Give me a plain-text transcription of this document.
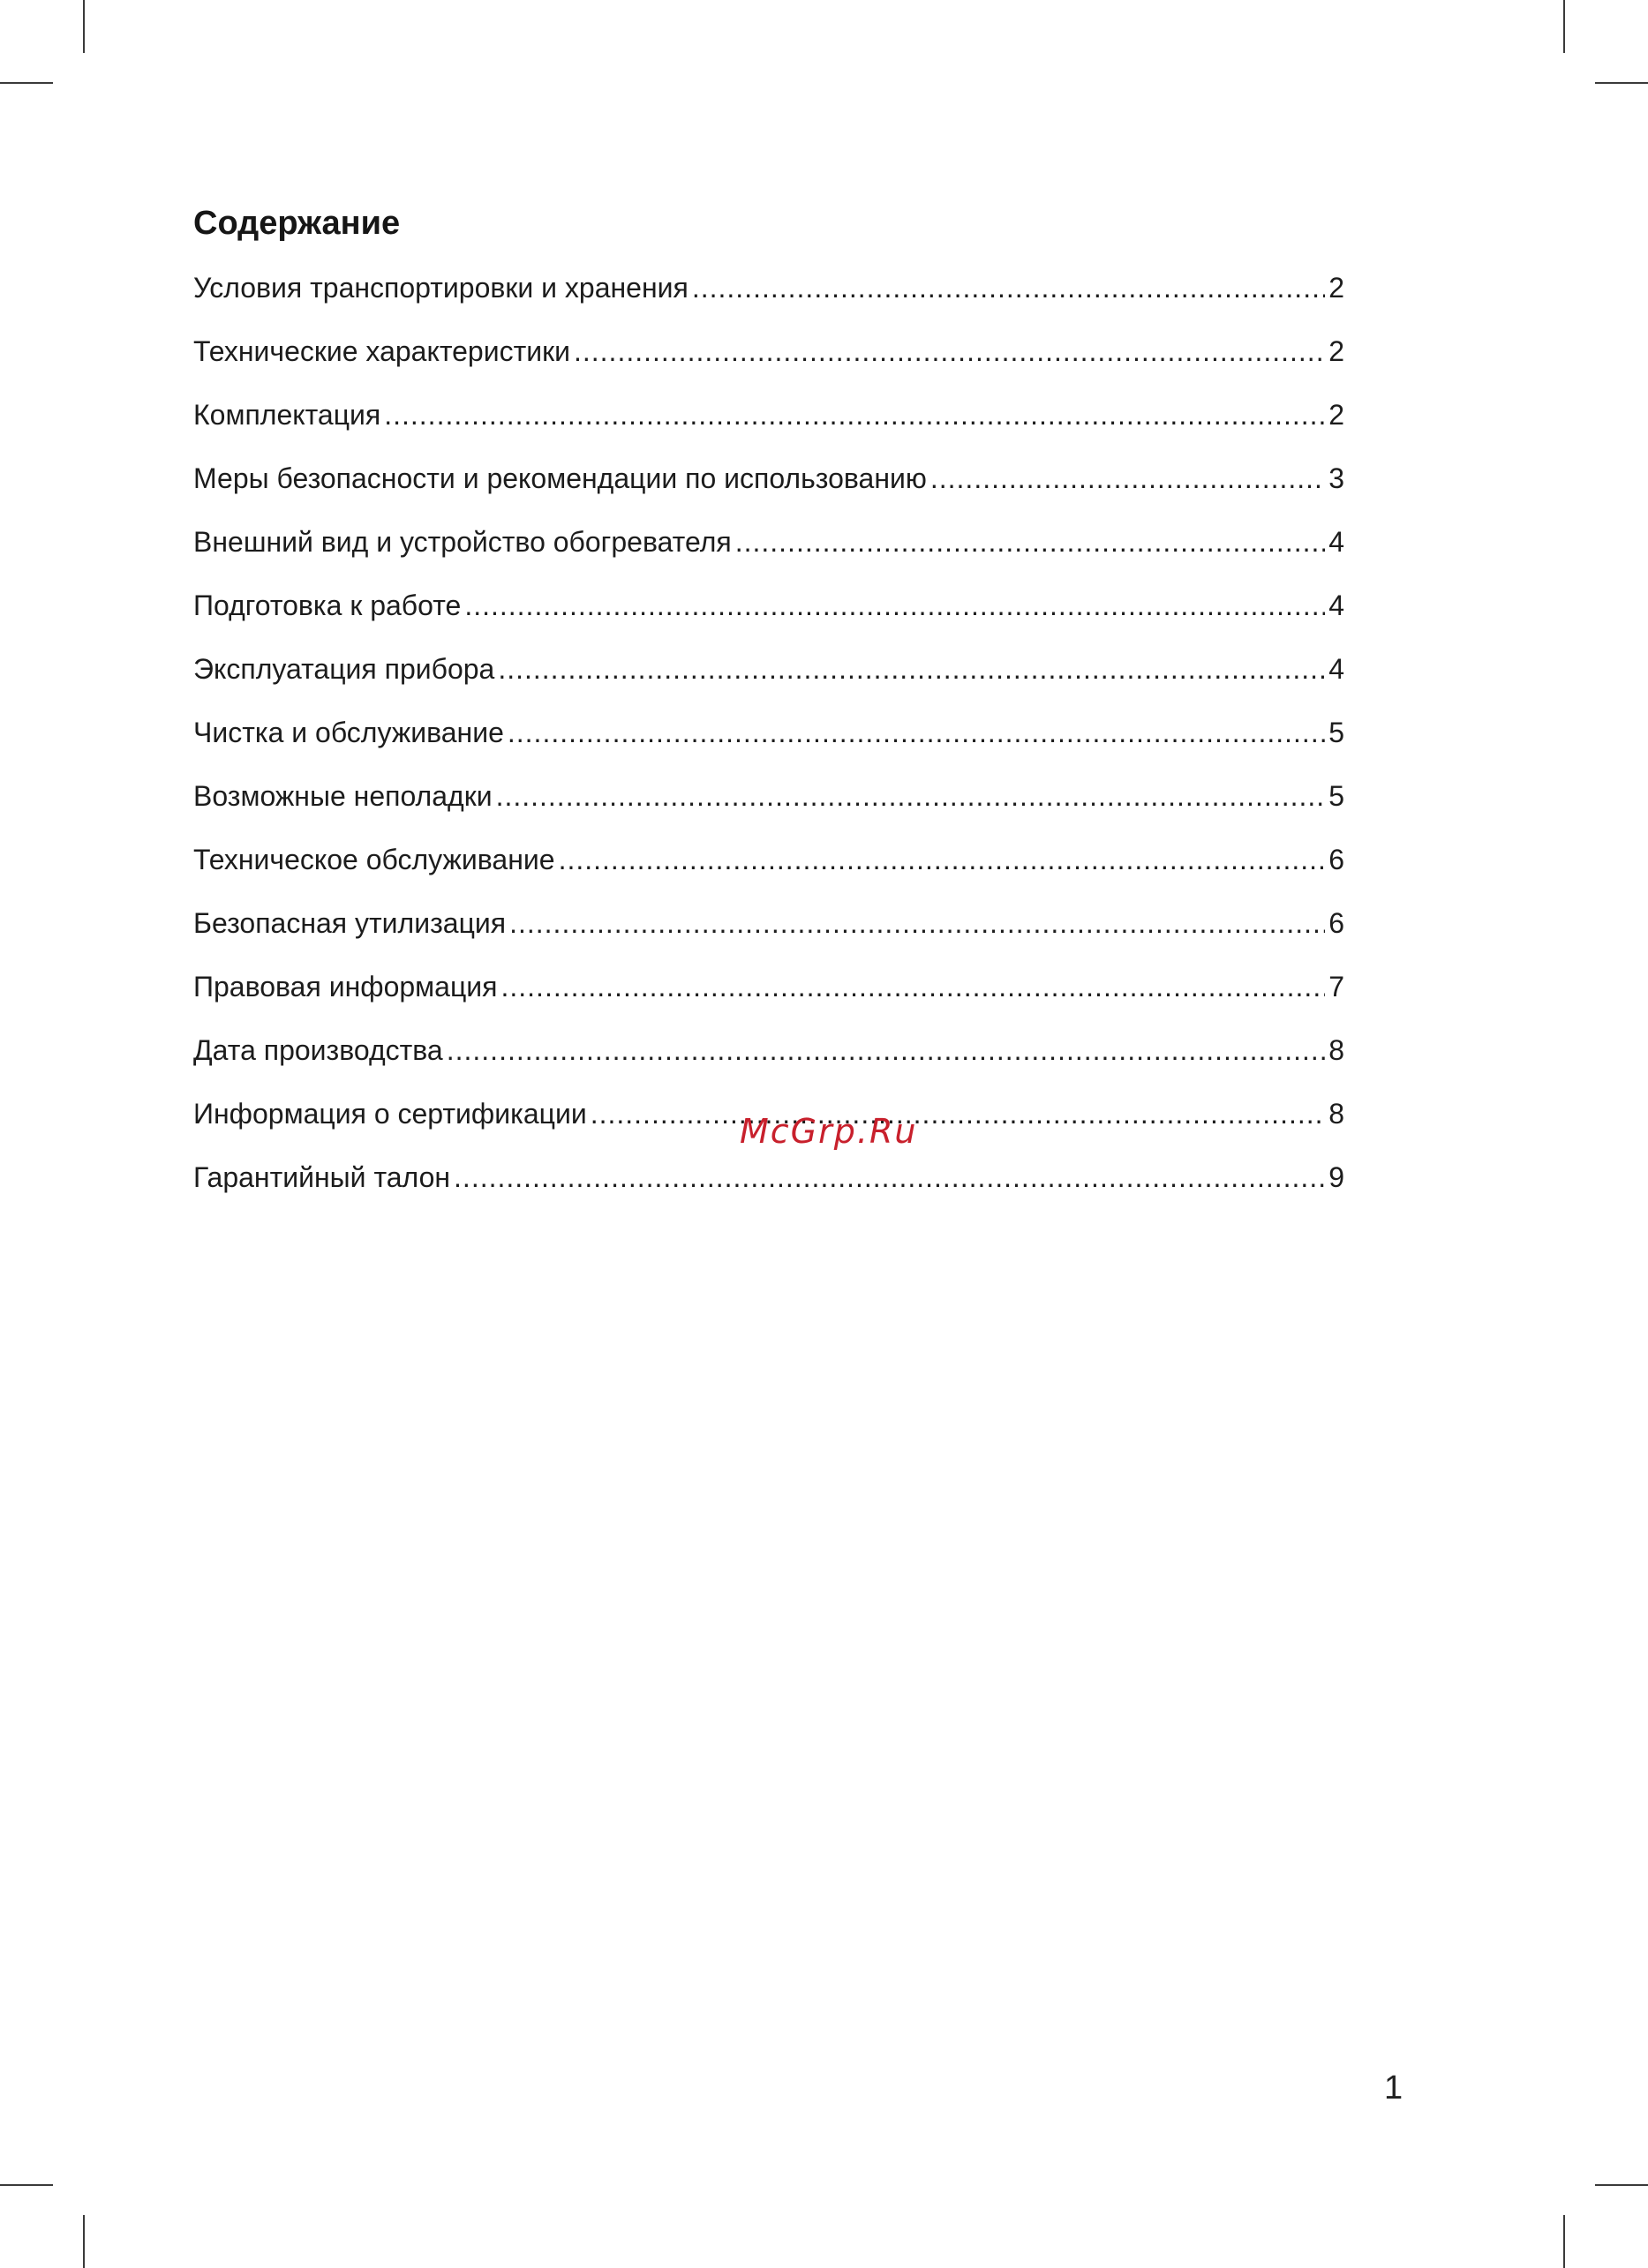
Содержание
Условия транспортировки и хранения .....	2
Технические характеристики .....	2
Комплектация .....	2
Меры безопасности и рекомендации по использованию .....	3
Внешний вид и устройство обогревателя .....	4
Подготовка к работе .....	4
Эксплуатация прибора .....	4
Чистка и обслуживание .....	5
Возможные неполадки .....	5
Техническое обслуживание .....	6
Безопасная утилизация .....	6
Правовая информация .....	7
Дата производства .....	8
Информация о сертификации .....	8
Гарантийный талон .....	9
McGrp.Ru
1
